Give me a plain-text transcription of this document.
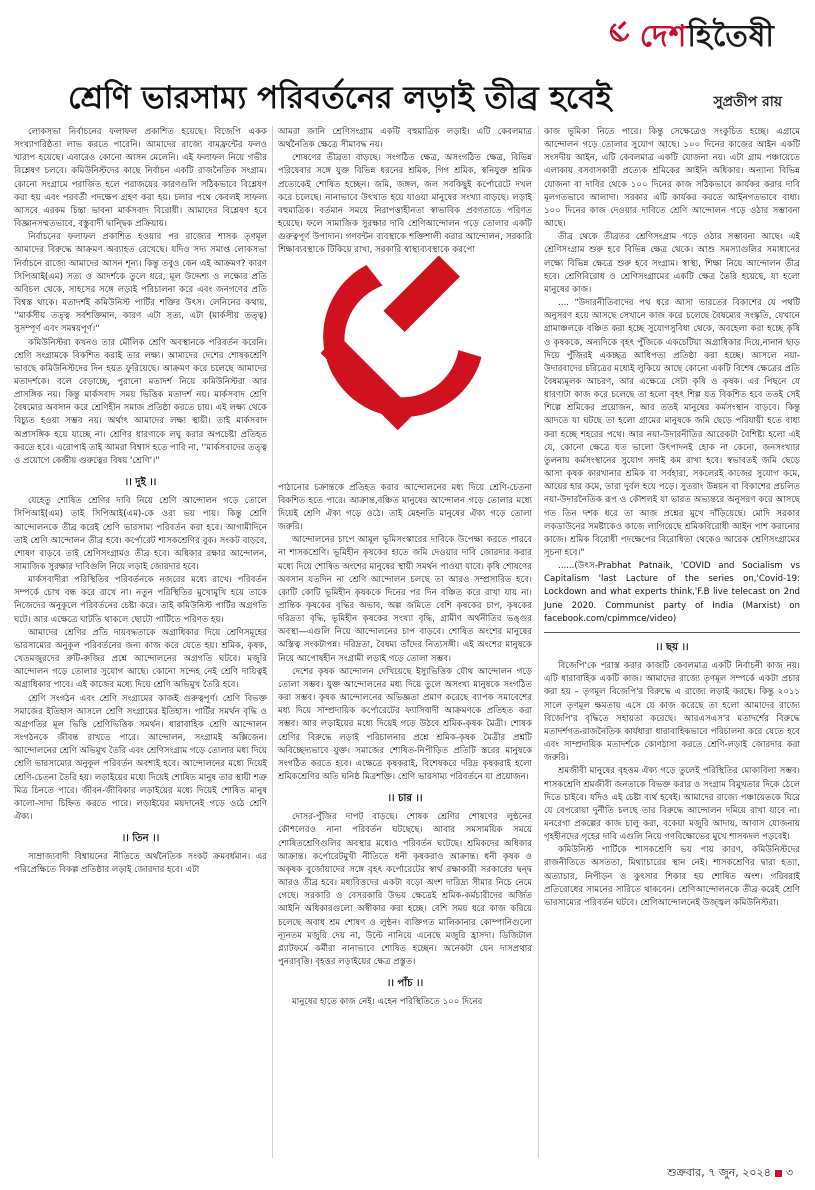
দেশহিতৈষী
শ্রেণি ভারসাম্য পরিবর্তনের লড়াই তীব্র হবেই	সুপ্রতীপ রায়

লোকসভা নির্বাচনের ফলাফল প্রকাশিত হয়েছে। বিজেপি একক সংখ্যাগরিষ্ঠতা লাভ করতে পারেনি। আমাদের রাজ্যে বামফ্রন্টের ফলও খারাপ হয়েছে। এবারেও কোনো আসন মেলেনি। এই ফলাফল নিয়ে গভীর বিশ্লেষণ চলবে। কমিউনিস্টদের কাছে নির্বাচন একটি রাজনৈতিক সংগ্রাম। কোনো সংগ্রামে পরাজিত হলে পরাজয়ের কারণগুলি সঠিকভাবে বিশ্লেষণ করা হয় এবং পরবর্তী পদক্ষেপ গ্রহণ করা হয়। চলার পথে কেবলই সাফল্য আসবে এরকম চিন্তা ভাবনা মার্কসবাদ বিরোধী। আমাদের বিশ্লেষণ হবে বিজ্ঞানসম্মতভাবে, বস্তুবাদী দ্বান্দ্বিক প্রক্রিয়ায়।

নির্বাচনের ফলাফল প্রকাশিত হওয়ার পর রাজ্যের শাসক তৃণমূল আমাদের বিরুদ্ধে আক্রমণ অব্যাহত রেখেছে। যদিও সদ্য সমাপ্ত লোকসভা নির্বাচনে রাজ্যে আমাদের আসন শূন্য। কিন্তু তবুও কেন এই আক্রমণ? কারণ সিপিআই(এম) সত্য ও আদর্শকে তুলে ধরে, মূল উদ্দেশ্য ও লক্ষ্যের প্রতি অবিচল থেকে, সাহসের সঙ্গে লড়াই পরিচালনা করে এবং জনগণের প্রতি বিশ্বস্ত থাকে। মতাদর্শই কমিউনিস্ট পার্টির শক্তির উৎস। লেনিনের কথায়, ''মার্কসীয় তত্ত্ব সর্বশক্তিমান, কারণ এটা সত্য, এটা (মার্কসীয় তত্ত্ব) সুসম্পূর্ণ এবং সমন্বয়পূর্ণ।''

কমিউনিস্টরা কখনও তার মৌলিক শ্রেণি অবস্থানকে পরিবর্তন করেনি। শ্রেণি সংগ্রামকে বিকশিত করাই তার লক্ষ্য। আমাদের দেশের শোষকশ্রেণি ভাবছে কমিউনিস্টদের দিন হয়ত ফুরিয়েছে। আক্রমণ করে চলেছে আমাদের মতাদর্শকে। বলে বেড়াচ্ছে, পুরানো মতাদর্শ নিয়ে কমিউনিস্টরা আর প্রাসঙ্গিক নয়। কিন্তু মার্কসবাদ সময় ভিত্তিক মতাদর্শ নয়। মার্কসবাদ শ্রেণি বৈষম্যের অবসান করে শ্রেণিহীন সমাজ প্রতিষ্ঠা করতে চায়। এই লক্ষ্য থেকে বিচ্যুত হওয়া সম্ভব নয়। অর্থাৎ আমাদের লক্ষ্য স্থায়ী। তাই মার্কসবাদ অপ্রাসঙ্গিক হয়ে যাচ্ছে না। শ্রেণির ধারণাকে লঘু করার অপচেষ্টা প্রতিহত করতে হবে। এরোপাই তাই আমরা বিশ্বাস হতে পারি না, ''মার্কসবাদের তত্ত্ব ও প্রয়োগে কেন্দ্রীয় গুরুত্বের বিষয় 'শ্রেণি'।''

।। দুই ।।

যেহেতু শোষিত শ্রেণির দাবি নিয়ে শ্রেণি আন্দোলন গড়ে তোলে সিপিআই(এম) তাই সিপিআই(এম)-কে ওরা ভয় পায়। কিন্তু শ্রেণি আন্দোলনকে তীব্র করেই শ্রেণি ভারসাম্য পরিবর্তন করা হবে। আগামীদিনে তাই শ্রেণি আন্দোলন তীব্র হবে। কর্পোরেট শাসকশ্রেণির বুক। সংকট বাড়বে, শোষণ বাড়বে তাই শ্রেণিসংগ্রামও তীব্র হবে। অধিকার রক্ষার আন্দোলন, সামাজিক সুরক্ষার দাবিগুলি নিয়ে লড়াই জোরদার হবে।

মার্কসবাদীরা পরিস্থিতির পরিবর্তনকে নজরের মধ্যে রাখে। পরিবর্তন সম্পর্কে চোখ বন্ধ করে রাখে না। নতুন পরিস্থিতির মুখোমুখি হয়ে তাকে নিজেদের অনুকূলে পরিবর্তনের চেষ্টা করে। তাই কমিউনিস্ট পার্টির অগ্রগতি ঘটে। আর এক্ষেত্রে ঘাটতি থাকলে ছোটো পার্টিতে পরিণত হয়।

আমাদের শ্রেণির প্রতি দায়বদ্ধতাকে অগ্রাধিকার দিয়ে শ্রেণিসমূহের ভারসাম্যের অনুকূল পরিবর্তনের জন্য কাজ করে যেতে হয়। শ্রমিক, কৃষক, খেতমজুরদের রুটি-রুজির প্রশ্নে আন্দোলনের অগ্রগতি ঘটবে। মজুরি আন্দোলন গড়ে তোলার সুযোগ আছে। কোনো সন্দেহ নেই শ্রেণি দায়িত্বই অগ্রাধিকার পাবে। এই কাজের মধ্যে দিয়ে শ্রেণি অভিমুখ তৈরি হবে।

শ্রেণি সংগঠন এবং শ্রেণি সংগ্রামের কাজই গুরুত্বপূর্ণ। শ্রেণি বিভক্ত সমাজের ইতিহাস আসলে শ্রেণি সংগ্রামের ইতিহাস। পার্টির সমর্থন বৃদ্ধি ও অগ্রগতির মূল ভিত্তি শ্রেণিভিত্তিক সমর্থন। ধারাবাহিক শ্রেণি আন্দোলন সংগঠনকে জীবন্ত রাখতে পারে। আন্দোলন, সংগ্রামই অক্সিজেন। আন্দোলনের শ্রেণি অভিমুখ তৈরি এবং শ্রেণিসংগ্রাম গড়ে তোলার মধ্য দিয়ে শ্রেণি ভারসাম্যের অনুকূল পরিবর্তন অবশ্যই হবে। আন্দোলনের মধ্যে দিয়েই শ্রেণি-চেতনা তৈরি হয়। লড়াইয়ের মধ্যে দিয়েই শোষিত মানুষ তার স্থায়ী শত্রু মিত্র চিনতে পারে। জীবন-জীবিকার লড়াইয়ের মধ্যে দিয়েই শোষিত মানুষ কালো-সাদা চিহ্নিত করতে পারে। লড়াইয়ের ময়দানেই গড়ে ওঠে শ্রেণি ঐক্য।

।। তিন ।।

সাম্রাজ্যবাদী বিশ্বায়নের নীতিতে অর্থনৈতিক সংকট ক্রমবর্ধমান। এর পরিপ্রেক্ষিতে বিকল্প প্রতিষ্ঠার লড়াই জোরদার হবে। এটা

আমরা জানি শ্রেণিসংগ্রাম একটি বহুমাত্রিক লড়াই। এটি কেবলমাত্র অর্থনৈতিক ক্ষেত্রে সীমাবদ্ধ নয়।

শোষণের তীব্রতা বাড়ছে। সংগঠিত ক্ষেত্র, অসংগঠিত ক্ষেত্র, বিভিন্ন পরিষেবার সঙ্গে যুক্ত বিভিন্ন ধরনের শ্রমিক, গিগ শ্রমিক, স্বনিযুক্ত শ্রমিক প্রত্যেকেই শোষিত হচ্ছেন। জমি, জঙ্গল, জল সবকিছুই কর্পোরেটে দখল করে চলেছে। নানাভাবে উৎখাত হয়ে যাওয়া মানুষের সংখ্যা বাড়ছে। লড়াই বহুমাত্রিক। বর্তমান সময়ে নিরাপত্তাহীনতা স্বাভাবিক প্রবণতাতে পরিণত হয়েছে। ফলে সামাজিক সুরক্ষার দাবি শ্রেণিআন্দোলন গড়ে তোলার একটি গুরুত্বপূর্ণ উপাদান। গণবন্টন ব্যবস্থাকে শক্তিশালী করার আন্দোলন, সরকারি শিক্ষাব্যবস্থাকে টিকিয়ে রাখা, সরকারি স্বাস্থ্যব্যবস্থাকে করপো

পাঠানোর চক্রান্তকে প্রতিহত করার আন্দোলনের মধ্য দিয়ে শ্রেণি-চেতনা বিকশিত হতে পারে। আক্রান্ত,বঞ্চিত মানুষের আন্দোলন গড়ে তোলার মধ্যে দিয়েই শ্রেণি ঐক্য গড়ে ওঠে। তাই মেহনতি মানুষের ঐক্য গড়ে তোলা জরুরি।

আন্দোলনের চাপে আমূল ভূমিসংস্কারের দাবিকে উপেক্ষা করতে পারবে না শাসকশ্রেণি। ভূমিহীন কৃষকের হাতে জমি দেওয়ার দাবি জোরদার করার মধ্যে দিয়ে শোষিত অংশের মানুষের স্থায়ী সমর্থন পাওয়া যাবে। কৃষি শোষণের অবসান যতদিন না শ্রেণি আন্দোলন চলছে তা আরও সম্প্রসারিত হবে। কোটি কোটি ভূমিহীন কৃষককে দিনের পর দিন বঞ্চিত করে রাখা যায় না। প্রান্তিক কৃষকের বৃদ্ধির অভাব, অল্প জমিতে বেশি কৃষকের চাপ, কৃষকের দরিদ্রতা বৃদ্ধি, ভূমিহীন কৃষকের সংখ্যা বৃদ্ধি, গ্রামীণ অর্থনীতির ভঙ্গুর অবস্থা—এগুলি নিয়ে আন্দোলনের চাপ বাড়বে। শোষিত অংশের মানুষের অস্তিত্ব সংকটাপন্ন। দরিদ্রতা, বৈষম্য তাঁদের নিত্যসঙ্গী। এই অংশের মানুষকে নিয়ে আপোষহীন সংগ্রামী লড়াই গড়ে তোলা সম্ভব।

দেশের কৃষক আন্দোলন দেখিয়েছে ইস্যুভিত্তিক যৌথ আন্দোলন গড়ে তোলা সম্ভব। যুক্ত আন্দোলনের মধ্য দিয়ে তুলে অসংখ্য মানুষকে সংগঠিত করা সম্ভব। কৃষক আন্দোলনের অভিজ্ঞতা প্রমাণ করেছে ব্যাপক সমাবেশের মধ্য দিয়ে সাম্প্রদায়িক কর্পোরেটের ফ্যাসিবাদী আক্রমণকে প্রতিহত করা সম্ভব। আর লড়াইয়ের মধ্যে দিয়েই গড়ে উঠবে শ্রমিক-কৃষক মৈত্রী। শোষক শ্রেণির বিরুদ্ধে লড়াই পরিচালনার প্রশ্নে শ্রমিক-কৃষক মৈত্রীর প্রশ্নটি অবিচ্ছেদ্যভাবে যুক্ত। সমাজের শোষিত-নিপীড়িত প্রতিটি স্তরের মানুষকে সংগঠিত করতে হবে। এক্ষেত্রে কৃষকরাই, বিশেষকরে দরিদ্র কৃষকরাই হলো শ্রমিকশ্রেণির অতি ঘনিষ্ঠ মিত্রশক্তি। শ্রেণি ভারসাম্য পরিবর্তনে যা প্রয়োজন।

।। চার ।।

দোসর-পুঁজির দাপট বাড়ছে। শোষক শ্রেণির শোষণের লুন্ঠনের কৌশলেরও নানা পরিবর্তন ঘটছেছে। আবার সমসাময়িক সময়ে শোষিতশ্রেণিগুলির অবস্থার মধ্যেও পরিবর্তন ঘটেছে। শ্রমিকদের অধিকার আক্রান্ত। কর্পোরেটমুখী নীতিতে ধনী কৃষকরাও আক্রান্ত। ধনী কৃষক ও অকৃষক বুর্জোয়াদের সঙ্গে বৃহৎ কর্পোরেটের স্বার্থ রক্ষাকারী সরকারের দ্বন্দ্ব আরও তীব্র হবে। মধ্যবিত্তদের একটা বড়ো অংশ দারিদ্র্য সীমার নিচে নেমে গেছে। সরকারি ও বেসরকারি উভয় ক্ষেত্রেই শ্রমিক-কর্মচারীদের অর্জিত আইনি অধিকারগুলো অস্বীকার করা হচ্ছে। বেশি সময় ধরে কাজ করিয়ে চলেছে অবাধ শ্রম শোষণ ও লুন্ঠন। ব্যক্তিগত মালিকানার কোম্পানিগুলো ন্যূনতম মজুরি দেয় না, উল্টে নানিয়ে এনেছে মজুরি হ্রাসদা। ডিজিটাল প্ল্যাটফর্মে কর্মীরা নানাভাবে শোষিত হচ্ছেন। অনেকটা যেন দাসপ্রথার পুনরাবৃত্তি। বৃহত্তর লড়াইয়ের ক্ষেত্র প্রস্তুত।

।। পাঁচ ।।

মানুষের হাতে কাজ নেই। এহেন পরিস্থিতিতে ১০০ দিনের

কাজ ভূমিকা নিতে পারে। কিন্তু সেক্ষেত্রেও সংকুচিত হচ্ছে। এগ্রামে আন্দোলন গড়ে তোলার সুযোগ আছে। ১০০ দিনের কাজের আইন একটি সংসদীয় আইন, এটি কেবলমাত্র একটি যোজনা নয়। এটা গ্রাম পঞ্চায়েতে এলাকায় বসবাসকারী প্রত্যেক শ্রমিকের আইনি অধিকার। অন্যান্য বিভিন্ন যোজনা বা দাবির থেকে ১০০ দিনের কাজ সঠিকভাবে কার্যকর করার দাবি মূলগতভাবে আলাদা। সরকার এটি কার্যকর করতে আইনগতভাবে বাধ্য। ১০০ দিনের কাজ দেওয়ার দাবিতে শ্রেণি আন্দোলন গড়ে ওঠার সম্ভাবনা আছে।

তীব্র থেকে তীব্রতর শ্রেণিসংগ্রাম গড়ে ওঠার সম্ভাবনা আছে। এই শ্রেণিসংগ্রাম শুরু হবে বিভিন্ন ক্ষেত্র থেকে। আশু সমস্যাগুলির সমাধানের লক্ষ্যে বিভিন্ন ক্ষেত্রে শুরু হবে সংগ্রাম। স্বাস্থ্য, শিক্ষা নিয়ে আন্দোলন তীব্র হবে। শ্রেণিবিরোধ ও শ্রেণিসংগ্রামের একটি ক্ষেত্র তৈরি হয়েছে, যা হলো মানুষের কাজ।

.... "উদারনীতিবাদের পথ ধরে আসা ভারতের বিকাশের যে পথটি অনুসরণ হয়ে আসছে সেখানে কাজ করে চলেছে বৈষম্যের সংস্কৃতি, যেখানে গ্রামাঞ্চলকে বঞ্চিত করা হচ্ছে সুযোগসুবিধা থেকে, অবহেলা করা হচ্ছে কৃষি ও কৃষককে, অন্যদিকে বৃহৎ পুঁজিকে একচেটিয়া অগ্রাধিকার দিয়ে,নানান ছাড় দিয়ে পুঁজিরই একচ্ছত্র আধিপত্য প্রতিষ্ঠা করা হচ্ছে। আসলে নয়া-উদারবাদের চরিত্রের মধ্যেই লুকিয়ে আছে কোনো একটি বিশেষ ক্ষেত্রের প্রতি বৈষম্যমূলক আচরণ, আর এক্ষেত্রে সেটা কৃষি ও কৃষক। এর পিছনে যে ধারণাটা কাজ করে চলেছে তা হলো বৃহৎ শিল্প যত বিকশিত হবে ততই সেই শিল্পে শ্রমিকের প্রয়োজন, আর ততই মানুষের কর্মসংস্থান বাড়বে। কিন্তু আদতে যা ঘটছে তা হলো গ্রামের মানুষকে জমি ছেড়ে পরিযায়ী হতে বাধ্য করা হচ্ছে শহরের পথে। আর নয়া-উদারনীতির আরেকটা বৈশিষ্ট্য হলো এই যে, কোনো ক্ষেত্রে যত ভালো উৎপাদনই হোক না কেনো, জনসংখ্যার তুলনায় কর্মসংস্থানের সুযোগ সদাই কম রাখা হবে। স্বভাবতই জমি ছেড়ে আসা কৃষক কারখানার শ্রমিক বা সর্বহারা, সকলেরই কাজের সুযোগ কমে, আয়ের হার কমে, তারা দুর্বল হয়ে পড়ে। সুতরাং উন্নয়ন বা বিকাশের প্রচলিত নয়া-উদারনৈতিক রূপ ও কৌশলই যা ভারত অভ্যন্তরে অনুসরণ করে আসছে গত তিন দশক ধরে তা আজ প্রশ্নের মুখে দাঁড়িয়েছে। মোদি সরকার লকডাউনের সমষ্টাকেও কাজে লাগিয়েছে শ্রমিকবিরোধী আইন পাশ করানোর কাজে। শ্রমিক বিরোধী পদক্ষেপের বিরোধিতা থেকেও আরেক শ্রেণিসংগ্রামের সূচনা হবে।"

......(উৎস-Prabhat Patnaik, 'COVID and Socialism vs Capitalism 'last Lacture of the series on,'Covid-19: Lockdown and what experts think,'F.B live telecast on 2nd June 2020. Communist party of India (Marxist) on facebook.com/cpimmce/video)

।। ছয় ।।

বিজেপি'কে পরাস্ত করার কাজটি কেবলমাত্র একটি নির্বাচনী কাজ নয়। এটি ধারাবাহিক একটি কাজ। আমাদের রাজ্যে তৃণমূল সম্পর্কে একটা প্রচার করা হয় – তৃণমূল বিজেপি'র বিরুদ্ধে এ রাজ্যে লড়াই করছে। কিন্তু ২০১১ সালে তৃণমূল ক্ষমতায় এসে যে কাজ করেছে তা হলো আমাদের রাজ্যে বিজেপি'র বৃদ্ধিতে সহায়তা করেছে। আরএসএস'র মতাদর্শের বিরুদ্ধে মতাদর্শগত-রাজনৈতিক কার্যধারা ধারাবাহিকভাবে পরিচালনা করে যেতে হবে এবং সাম্প্রদায়িক মতাদর্শকে কোণঠাসা করতে শ্রেণি-লড়াই জোরদার করা জরুরি।

শ্রমজীবী মানুষের বৃহত্তম ঐক্য গড়ে তুলেই পরিস্থিতির মোকাবিলা সম্ভব। শাসকশ্রেণি শ্রমজীবী জনতাকে বিভক্ত করার ও সংগ্রাম বিমুখতার দিকে ঠেলে দিতে চাইবে। যদিও এই চেষ্টা ব্যর্থ হবেই। আমাদের রাজ্যে পঞ্চায়েতকে ঘিরে যে বেপরোয়া দুর্নীতি চলছে তার বিরুদ্ধে আন্দোলন দমিয়ে রাখা যাবে না। মনরেগা প্রকল্পের কাজ চালু করা, বকেয়া মজুরি আদায়, আবাস যোজনায় গৃহহীনদের গৃহের দাবি এগুলি নিয়ে গণবিক্ষোভের মুখে শাসকদল পড়বেই।

কমিউনিস্ট পার্টিকে শাসকশ্রেণি ভয় পায় কারণ, কমিউনিস্টদের রাজনীতিতে অসততা, মিথ্যাচারের স্থান নেই। শাসকশ্রেণির দ্বারা হত্যা, অত্যাচার, নিপীড়ন ও কুৎসার শিকার হয় শোষিত অংশ। গরিবরাই প্রতিরোধের সামনের সারিতে থাকবেন। শ্রেণিআন্দোলনকে তীব্র করেই শ্রেণি ভারসাম্যের পরিবর্তন ঘটবে। শ্রেণিআন্দোলনেই উজ্জ্বল কমিউনিস্টরা।

শুক্রবার, ৭ জুন, ২০২৪ ৩
